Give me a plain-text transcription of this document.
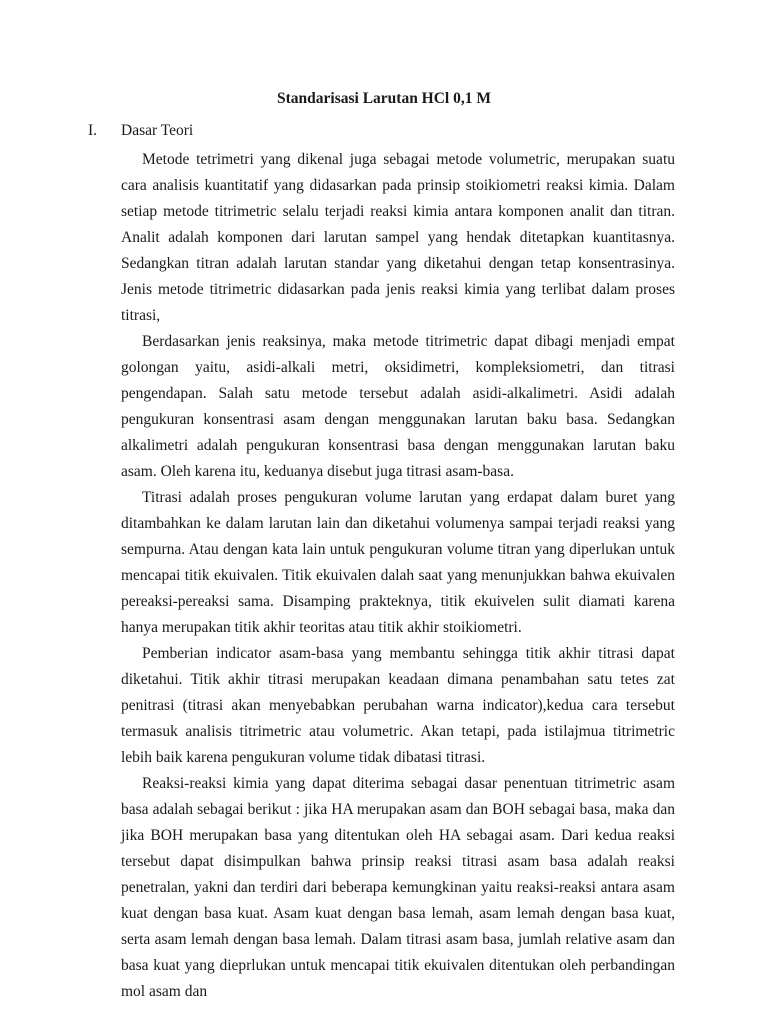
Standarisasi Larutan HCl 0,1 M
I. Dasar Teori

Metode tetrimetri yang dikenal juga sebagai metode volumetric, merupakan suatu cara analisis kuantitatif yang didasarkan pada prinsip stoikiometri reaksi kimia. Dalam setiap metode titrimetric selalu terjadi reaksi kimia antara komponen analit dan titran. Analit adalah komponen dari larutan sampel yang hendak ditetapkan kuantitasnya. Sedangkan titran adalah larutan standar yang diketahui dengan tetap konsentrasinya. Jenis metode titrimetric didasarkan pada jenis reaksi kimia yang terlibat dalam proses titrasi,

Berdasarkan jenis reaksinya, maka metode titrimetric dapat dibagi menjadi empat golongan yaitu, asidi-alkali metri, oksidimetri, kompleksiometri, dan titrasi pengendapan. Salah satu metode tersebut adalah asidi-alkalimetri. Asidi adalah pengukuran konsentrasi asam dengan menggunakan larutan baku basa. Sedangkan alkalimetri adalah pengukuran konsentrasi basa dengan menggunakan larutan baku asam. Oleh karena itu, keduanya disebut juga titrasi asam-basa.

Titrasi adalah proses pengukuran volume larutan yang erdapat dalam buret yang ditambahkan ke dalam larutan lain dan diketahui volumenya sampai terjadi reaksi yang sempurna. Atau dengan kata lain untuk pengukuran volume titran yang diperlukan untuk mencapai titik ekuivalen. Titik ekuivalen dalah saat yang menunjukkan bahwa ekuivalen pereaksi-pereaksi sama. Disamping prakteknya, titik ekuivelen sulit diamati karena hanya merupakan titik akhir teoritas atau titik akhir stoikiometri.

Pemberian indicator asam-basa yang membantu sehingga titik akhir titrasi dapat diketahui. Titik akhir titrasi merupakan keadaan dimana penambahan satu tetes zat penitrasi (titrasi akan menyebabkan perubahan warna indicator),kedua cara tersebut termasuk analisis titrimetric atau volumetric. Akan tetapi, pada istilajmua titrimetric lebih baik karena pengukuran volume tidak dibatasi titrasi.

Reaksi-reaksi kimia yang dapat diterima sebagai dasar penentuan titrimetric asam basa adalah sebagai berikut : jika HA merupakan asam dan BOH sebagai basa, maka dan jika BOH merupakan basa yang ditentukan oleh HA sebagai asam. Dari kedua reaksi tersebut dapat disimpulkan bahwa prinsip reaksi titrasi asam basa adalah reaksi penetralan, yakni dan terdiri dari beberapa kemungkinan yaitu reaksi-reaksi antara asam kuat dengan basa kuat. Asam kuat dengan basa lemah, asam lemah dengan basa kuat, serta asam lemah dengan basa lemah. Dalam titrasi asam basa, jumlah relative asam dan basa kuat yang dieprlukan untuk mencapai titik ekuivalen ditentukan oleh perbandingan mol asam dan
